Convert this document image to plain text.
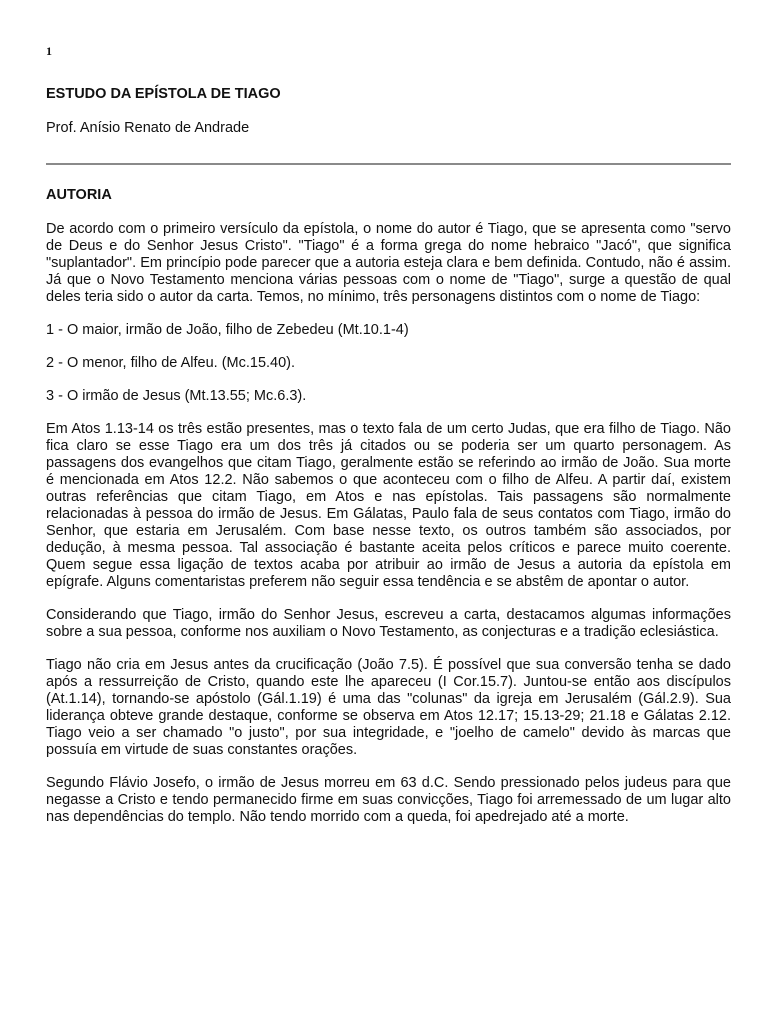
1
ESTUDO DA EPÍSTOLA DE TIAGO

Prof. Anísio Renato de Andrade

AUTORIA

De acordo com o primeiro versículo da epístola, o nome do autor é Tiago, que se apresenta como "servo de Deus e do Senhor Jesus Cristo". "Tiago" é a forma grega do nome hebraico "Jacó", que significa "suplantador". Em princípio pode parecer que a autoria esteja clara e bem definida. Contudo, não é assim. Já que o Novo Testamento menciona várias pessoas com o nome de "Tiago", surge a questão de qual deles teria sido o autor da carta. Temos, no mínimo, três personagens distintos com o nome de Tiago:

1 - O maior, irmão de João, filho de Zebedeu (Mt.10.1-4)

2 - O menor, filho de Alfeu. (Mc.15.40).

3 - O irmão de Jesus (Mt.13.55; Mc.6.3).

Em Atos 1.13-14 os três estão presentes, mas o texto fala de um certo Judas, que era filho de Tiago. Não fica claro se esse Tiago era um dos três já citados ou se poderia ser um quarto personagem. As passagens dos evangelhos que citam Tiago, geralmente estão se referindo ao irmão de João. Sua morte é mencionada em Atos 12.2. Não sabemos o que aconteceu com o filho de Alfeu. A partir daí, existem outras referências que citam Tiago, em Atos e nas epístolas. Tais passagens são normalmente relacionadas à pessoa do irmão de Jesus. Em Gálatas, Paulo fala de seus contatos com Tiago, irmão do Senhor, que estaria em Jerusalém. Com base nesse texto, os outros também são associados, por dedução, à mesma pessoa. Tal associação é bastante aceita pelos críticos e parece muito coerente. Quem segue essa ligação de textos acaba por atribuir ao irmão de Jesus a autoria da epístola em epígrafe. Alguns comentaristas preferem não seguir essa tendência e se abstêm de apontar o autor.

Considerando que Tiago, irmão do Senhor Jesus, escreveu a carta, destacamos algumas informações sobre a sua pessoa, conforme nos auxiliam o Novo Testamento, as conjecturas e a tradição eclesiástica.

Tiago não cria em Jesus antes da crucificação (João 7.5). É possível que sua conversão tenha se dado após a ressurreição de Cristo, quando este lhe apareceu (I Cor.15.7). Juntou-se então aos discípulos (At.1.14), tornando-se apóstolo (Gál.1.19) é uma das "colunas" da igreja em Jerusalém (Gál.2.9). Sua liderança obteve grande destaque, conforme se observa em Atos 12.17; 15.13-29; 21.18 e Gálatas 2.12. Tiago veio a ser chamado "o justo", por sua integridade, e "joelho de camelo" devido às marcas que possuía em virtude de suas constantes orações.

Segundo Flávio Josefo, o irmão de Jesus morreu em 63 d.C. Sendo pressionado pelos judeus para que negasse a Cristo e tendo permanecido firme em suas convicções, Tiago foi arremessado de um lugar alto nas dependências do templo. Não tendo morrido com a queda, foi apedrejado até a morte.
